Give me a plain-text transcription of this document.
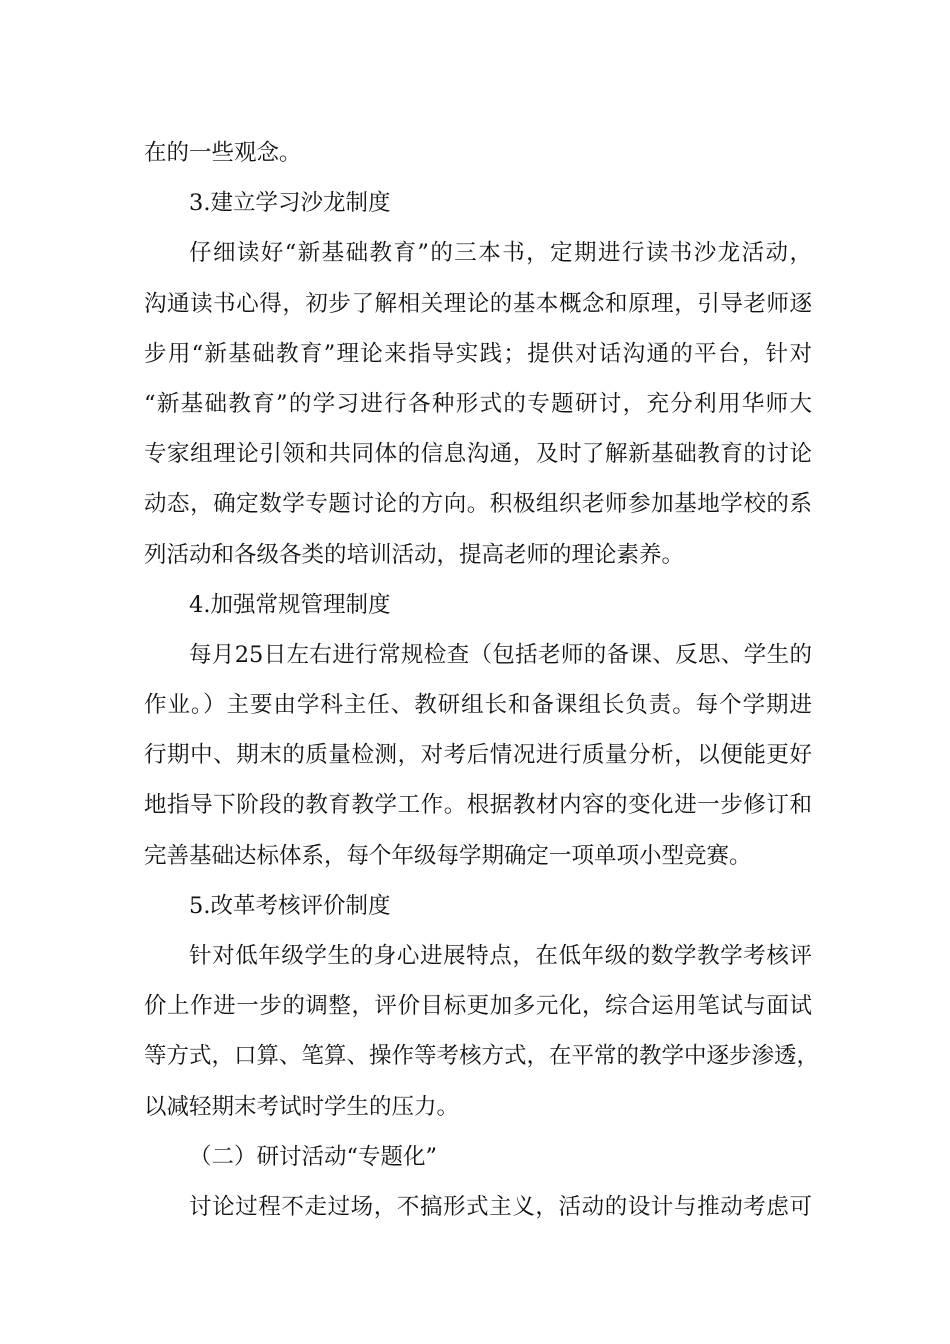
在的一些观念。
3.建立学习沙龙制度
仔细读好“新基础教育”的三本书，定期进行读书沙龙活动，
沟通读书心得，初步了解相关理论的基本概念和原理，引导老师逐
步用“新基础教育”理论来指导实践；提供对话沟通的平台，针对
“新基础教育”的学习进行各种形式的专题研讨，充分利用华师大
专家组理论引领和共同体的信息沟通，及时了解新基础教育的讨论
动态，确定数学专题讨论的方向。积极组织老师参加基地学校的系
列活动和各级各类的培训活动，提高老师的理论素养。
4.加强常规管理制度
每月25日左右进行常规检查（包括老师的备课、反思、学生的
作业。）主要由学科主任、教研组长和备课组长负责。每个学期进
行期中、期末的质量检测，对考后情况进行质量分析，以便能更好
地指导下阶段的教育教学工作。根据教材内容的变化进一步修订和
完善基础达标体系，每个年级每学期确定一项单项小型竞赛。
5.改革考核评价制度
针对低年级学生的身心进展特点，在低年级的数学教学考核评
价上作进一步的调整，评价目标更加多元化，综合运用笔试与面试
等方式，口算、笔算、操作等考核方式，在平常的教学中逐步渗透，
以减轻期末考试时学生的压力。
（二）研讨活动“专题化”
讨论过程不走过场，不搞形式主义，活动的设计与推动考虑可
